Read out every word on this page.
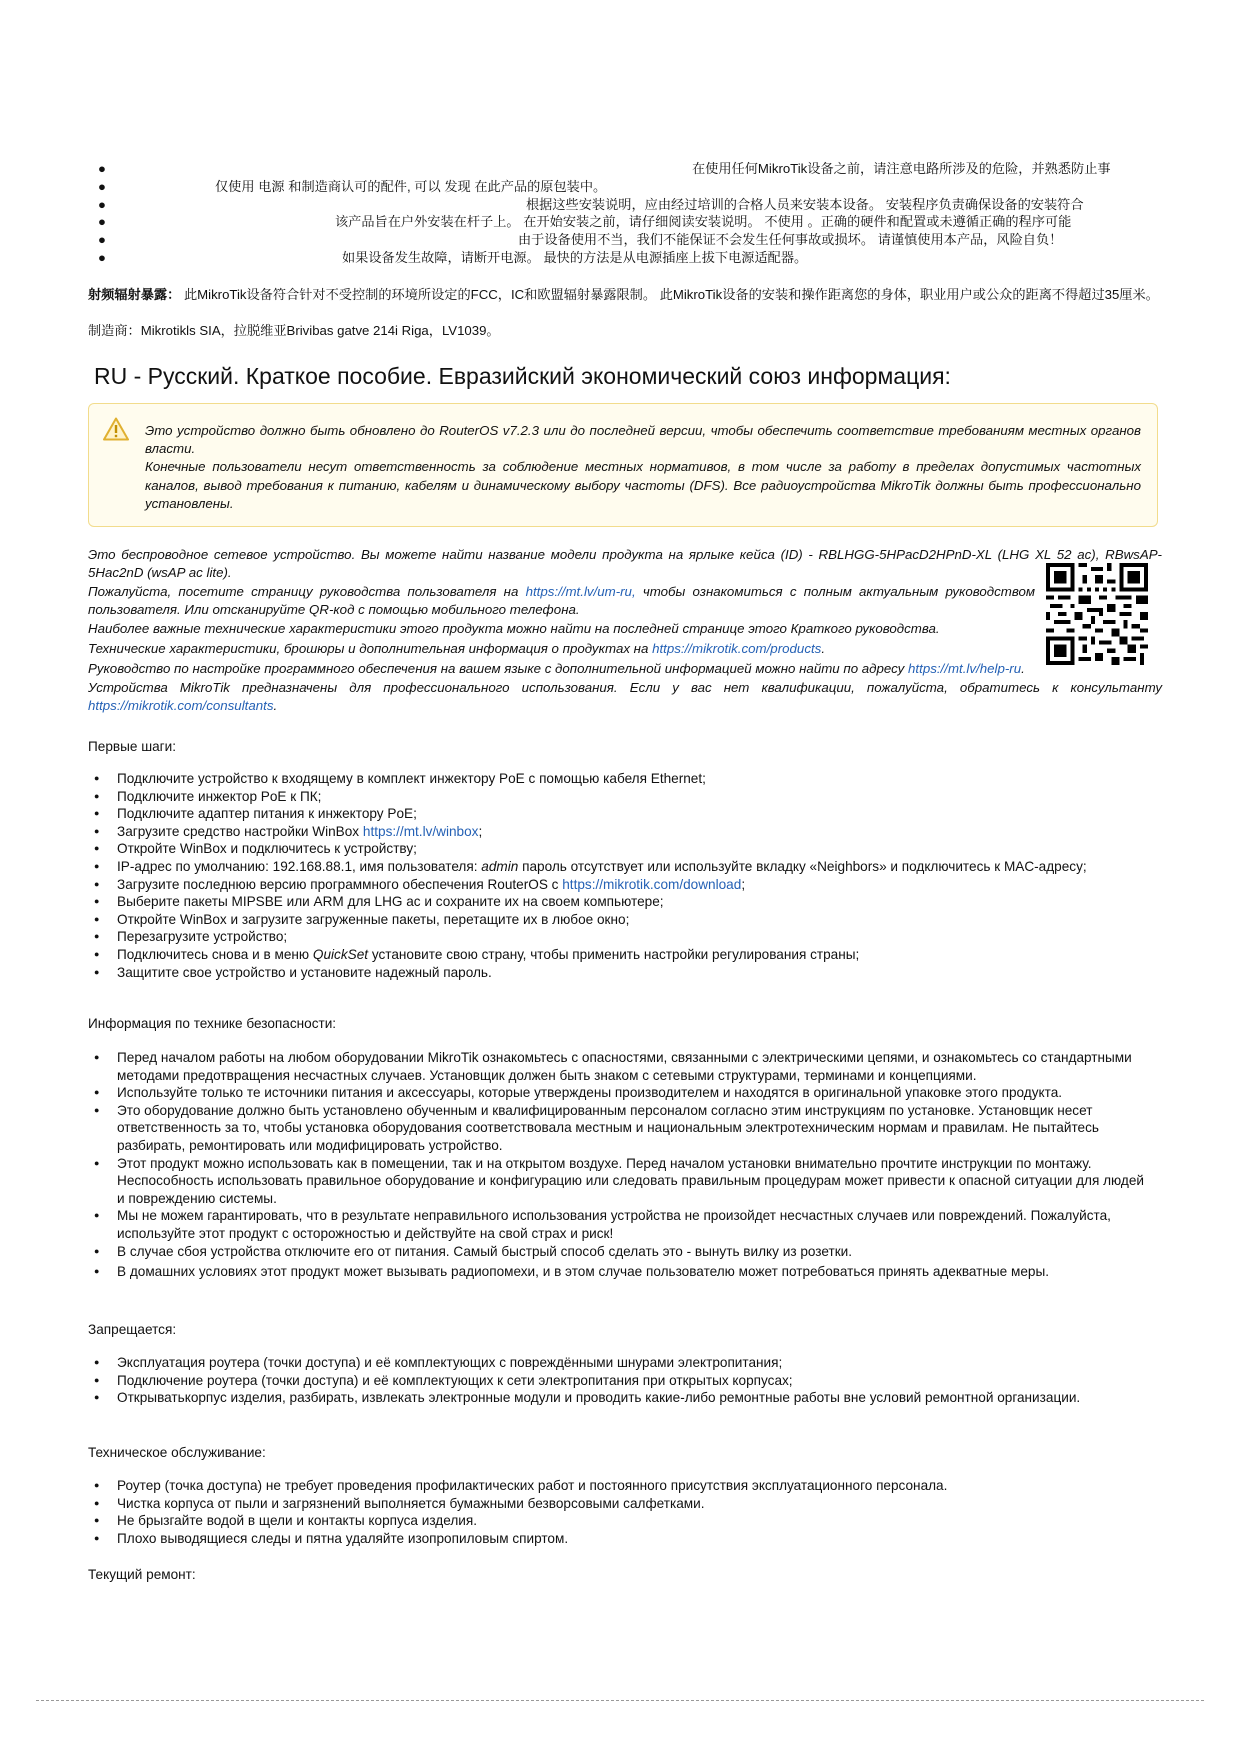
●	在使用任何MikroTik设备之前，请注意电路所涉及的危险，并熟悉防止事
●	仅使用 电源 和制造商认可的配件, 可以 发现 在此产品的原包装中。
●	根据这些安装说明，应由经过培训的合格人员来安装本设备。 安装程序负责确保设备的安装符合
●	该产品旨在户外安装在杆子上。 在开始安装之前，请仔细阅读安装说明。 不使用 。正确的硬件和配置或未遵循正确的程序可能
●	由于设备使用不当，我们不能保证不会发生任何事故或损坏。 请谨慎使用本产品，风险自负！
●	如果设备发生故障，请断开电源。 最快的方法是从电源插座上拔下电源适配器。
射频辐射暴露： 此MikroTik设备符合针对不受控制的环境所设定的FCC，IC和欧盟辐射暴露限制。 此MikroTik设备的安装和操作距离您的身体，职业用户或公众的距离不得超过35厘米。
制造商：Mikrotikls SIA，拉脱维亚Brivibas gatve 214i Riga，LV1039。
RU - Русский. Краткое пособие. Евразийский экономический союз информация:

Это устройство должно быть обновлено до RouterOS v7.2.3 или до последней версии, чтобы обеспечить соответствие требованиям местных органов власти.

Конечные пользователи несут ответственность за соблюдение местных нормативов, в том числе за работу в пределах допустимых частотных каналов, вывод требования к питанию, кабелям и динамическому выбору частоты (DFS). Все радиоустройства MikroTik должны быть профессионально установлены.

Это беспроводное сетевое устройство. Вы можете найти название модели продукта на ярлыке кейса (ID) - RBLHGG-5HPacD2HPnD-XL (LHG XL 52 ac), RBwsAP-5Hac2nD (wsAP ac lite).

Пожалуйста, посетите страницу руководства пользователя на https://mt.lv/um-ru, чтобы ознакомиться с полным актуальным руководством пользователя. Или отсканируйте QR-код с помощью мобильного телефона.

Наиболее важные технические характеристики этого продукта можно найти на последней странице этого Краткого руководства.

Технические характеристики, брошюры и дополнительная информация о продуктах на https://mikrotik.com/products.

Руководство по настройке программного обеспечения на вашем языке с дополнительной информацией можно найти по адресу https://mt.lv/help-ru.

Устройства MikroTik предназначены для профессионального использования. Если у вас нет квалификации, пожалуйста, обратитесь к консультанту https://mikrotik.com/consultants.

Первые шаги:
● Подключите устройство к входящему в комплект инжектору PoE с помощью кабеля Ethernet;
● Подключите инжектор PoE к ПК;
● Подключите адаптер питания к инжектору PoE;
● Загрузите средство настройки WinBox https://mt.lv/winbox;
● Откройте WinBox и подключитесь к устройству;
● IP-адрес по умолчанию: 192.168.88.1, имя пользователя: admin пароль отсутствует или используйте вкладку «Neighbors» и подключитесь к MAC-адресу;
● Загрузите последнюю версию программного обеспечения RouterOS с https://mikrotik.com/download;
● Выберите пакеты MIPSBE или ARM для LHG ac и сохраните их на своем компьютере;
● Откройте WinBox и загрузите загруженные пакеты, перетащите их в любое окно;
● Перезагрузите устройство;
● Подключитесь снова и в меню QuickSet установите свою страну, чтобы применить настройки регулирования страны;
● Защитите свое устройство и установите надежный пароль.
Информация по технике безопасности:
● Перед началом работы на любом оборудовании MikroTik ознакомьтесь с опасностями, связанными с электрическими цепями, и ознакомьтесь со стандартными методами предотвращения несчастных случаев. Установщик должен быть знаком с сетевыми структурами, терминами и концепциями.
● Используйте только те источники питания и аксессуары, которые утверждены производителем и находятся в оригинальной упаковке этого продукта.
● Это оборудование должно быть установлено обученным и квалифицированным персоналом согласно этим инструкциям по установке. Установщик несет ответственность за то, чтобы установка оборудования соответствовала местным и национальным электротехническим нормам и правилам. Не пытайтесь разбирать, ремонтировать или модифицировать устройство.
● Этот продукт можно использовать как в помещении, так и на открытом воздухе. Перед началом установки внимательно прочтите инструкции по монтажу. Неспособность использовать правильное оборудование и конфигурацию или следовать правильным процедурам может привести к опасной ситуации для людей и повреждению системы.
● Мы не можем гарантировать, что в результате неправильного использования устройства не произойдет несчастных случаев или повреждений. Пожалуйста, используйте этот продукт с осторожностью и действуйте на свой страх и риск!
● В случае сбоя устройства отключите его от питания. Самый быстрый способ сделать это - вынуть вилку из розетки.
● В домашних условиях этот продукт может вызывать радиопомехи, и в этом случае пользователю может потребоваться принять адекватные меры.
Запрещается:
● Эксплуатация роутера (точки доступа) и её комплектующих с повреждёнными шнурами электропитания;
● Подключение роутера (точки доступа) и её комплектующих к сети электропитания при открытых корпусах;
● Открыватькорпус изделия, разбирать, извлекать электронные модули и проводить какие-либо ремонтные работы вне условий ремонтной организации.
Техническое обслуживание:
● Роутер (точка доступа) не требует проведения профилактических работ и постоянного присутствия эксплуатационного персонала.
● Чистка корпуса от пыли и загрязнений выполняется бумажными безворсовыми салфетками.
● Не брызгайте водой в щели и контакты корпуса изделия.
● Плохо выводящиеся следы и пятна удаляйте изопропиловым спиртом.
Текущий ремонт:
